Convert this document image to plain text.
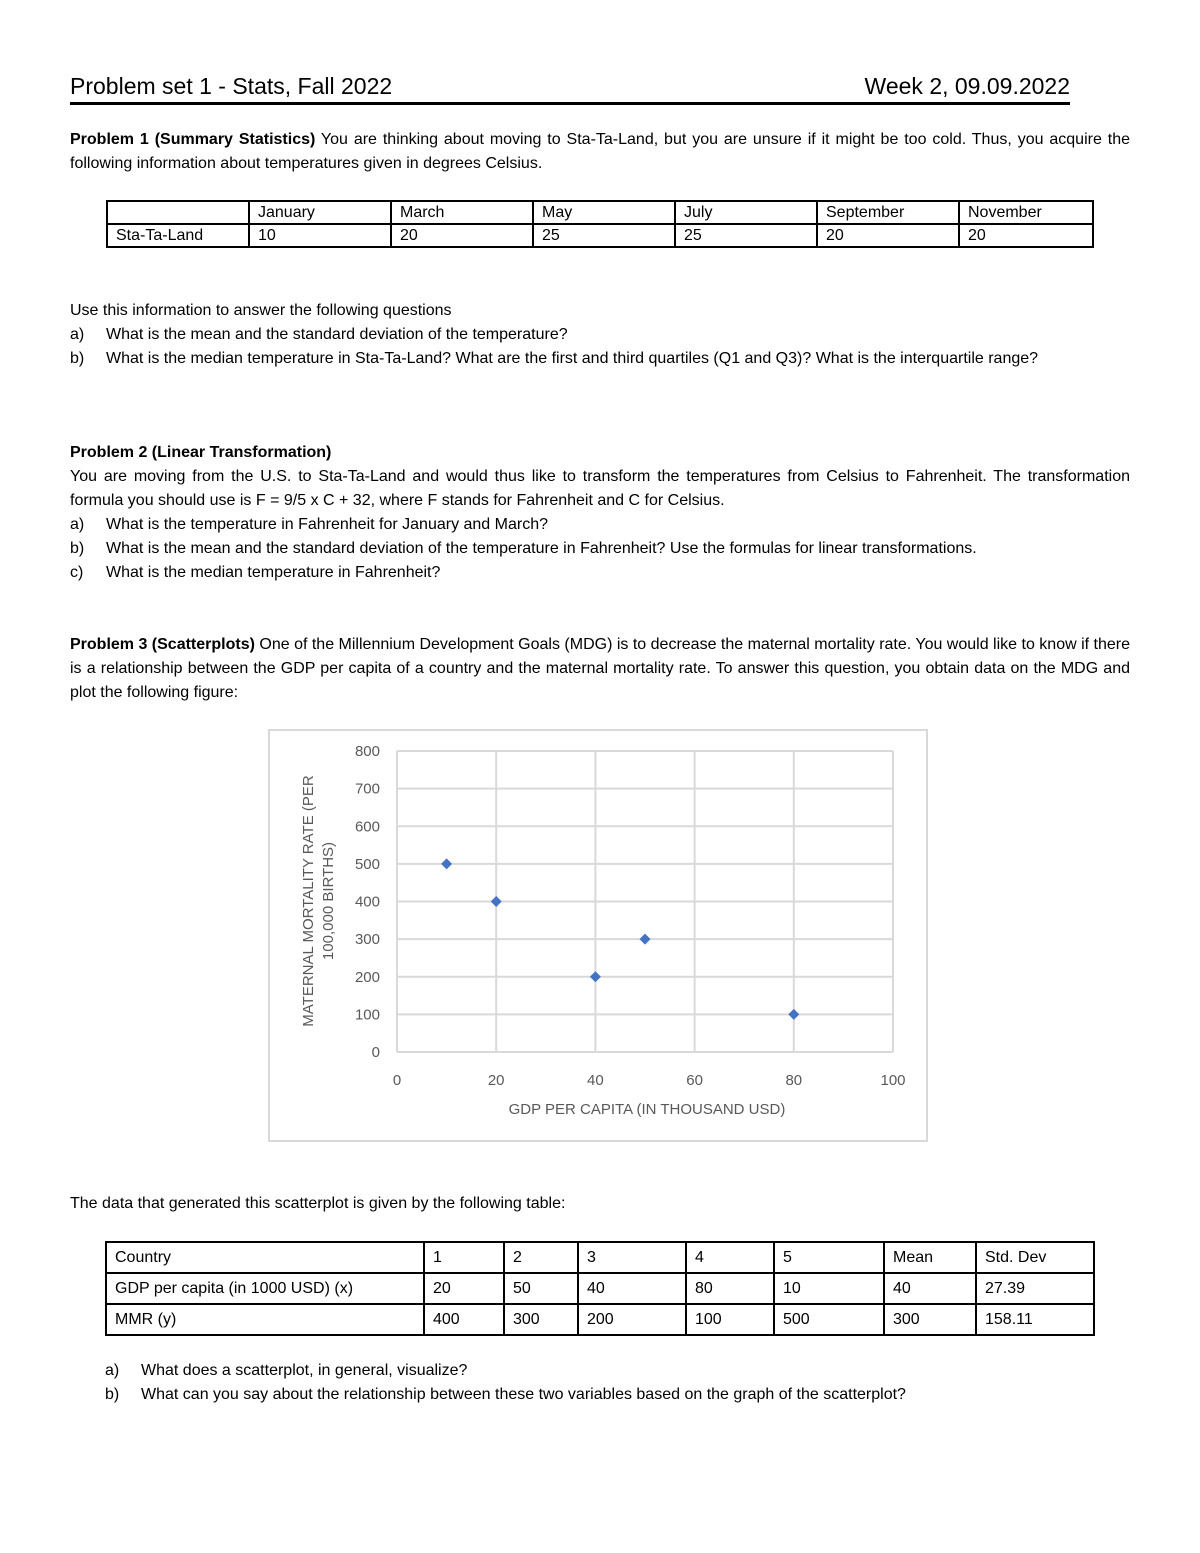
Problem set 1 - Stats, Fall 2022	Week 2, 09.09.2022
Problem 1 (Summary Statistics) You are thinking about moving to Sta-Ta-Land, but you are unsure if it might be too cold. Thus, you acquire the following information about temperatures given in degrees Celsius.
	January	March	May	July	September	November
Sta-Ta-Land	10	20	25	25	20	20
Use this information to answer the following questions
a) What is the mean and the standard deviation of the temperature?
b) What is the median temperature in Sta-Ta-Land? What are the first and third quartiles (Q1 and Q3)? What is the interquartile range?
Problem 2 (Linear Transformation)
You are moving from the U.S. to Sta-Ta-Land and would thus like to transform the temperatures from Celsius to Fahrenheit. The transformation formula you should use is F = 9/5 x C + 32, where F stands for Fahrenheit and C for Celsius.
a) What is the temperature in Fahrenheit for January and March?
b) What is the mean and the standard deviation of the temperature in Fahrenheit? Use the formulas for linear transformations.
c) What is the median temperature in Fahrenheit?
Problem 3 (Scatterplots) One of the Millennium Development Goals (MDG) is to decrease the maternal mortality rate. You would like to know if there is a relationship between the GDP per capita of a country and the maternal mortality rate. To answer this question, you obtain data on the MDG and plot the following figure:
0
100
200
300
400
500
600
700
800
0	20	40	60	80	100
GDP PER CAPITA (IN THOUSAND USD)
MATERNAL MORTALITY RATE (PER 100,000 BIRTHS)
The data that generated this scatterplot is given by the following table:
Country	1	2	3	4	5	Mean	Std. Dev
GDP per capita (in 1000 USD) (x)	20	50	40	80	10	40	27.39
MMR (y)	400	300	200	100	500	300	158.11
a) What does a scatterplot, in general, visualize?
b) What can you say about the relationship between these two variables based on the graph of the scatterplot?
